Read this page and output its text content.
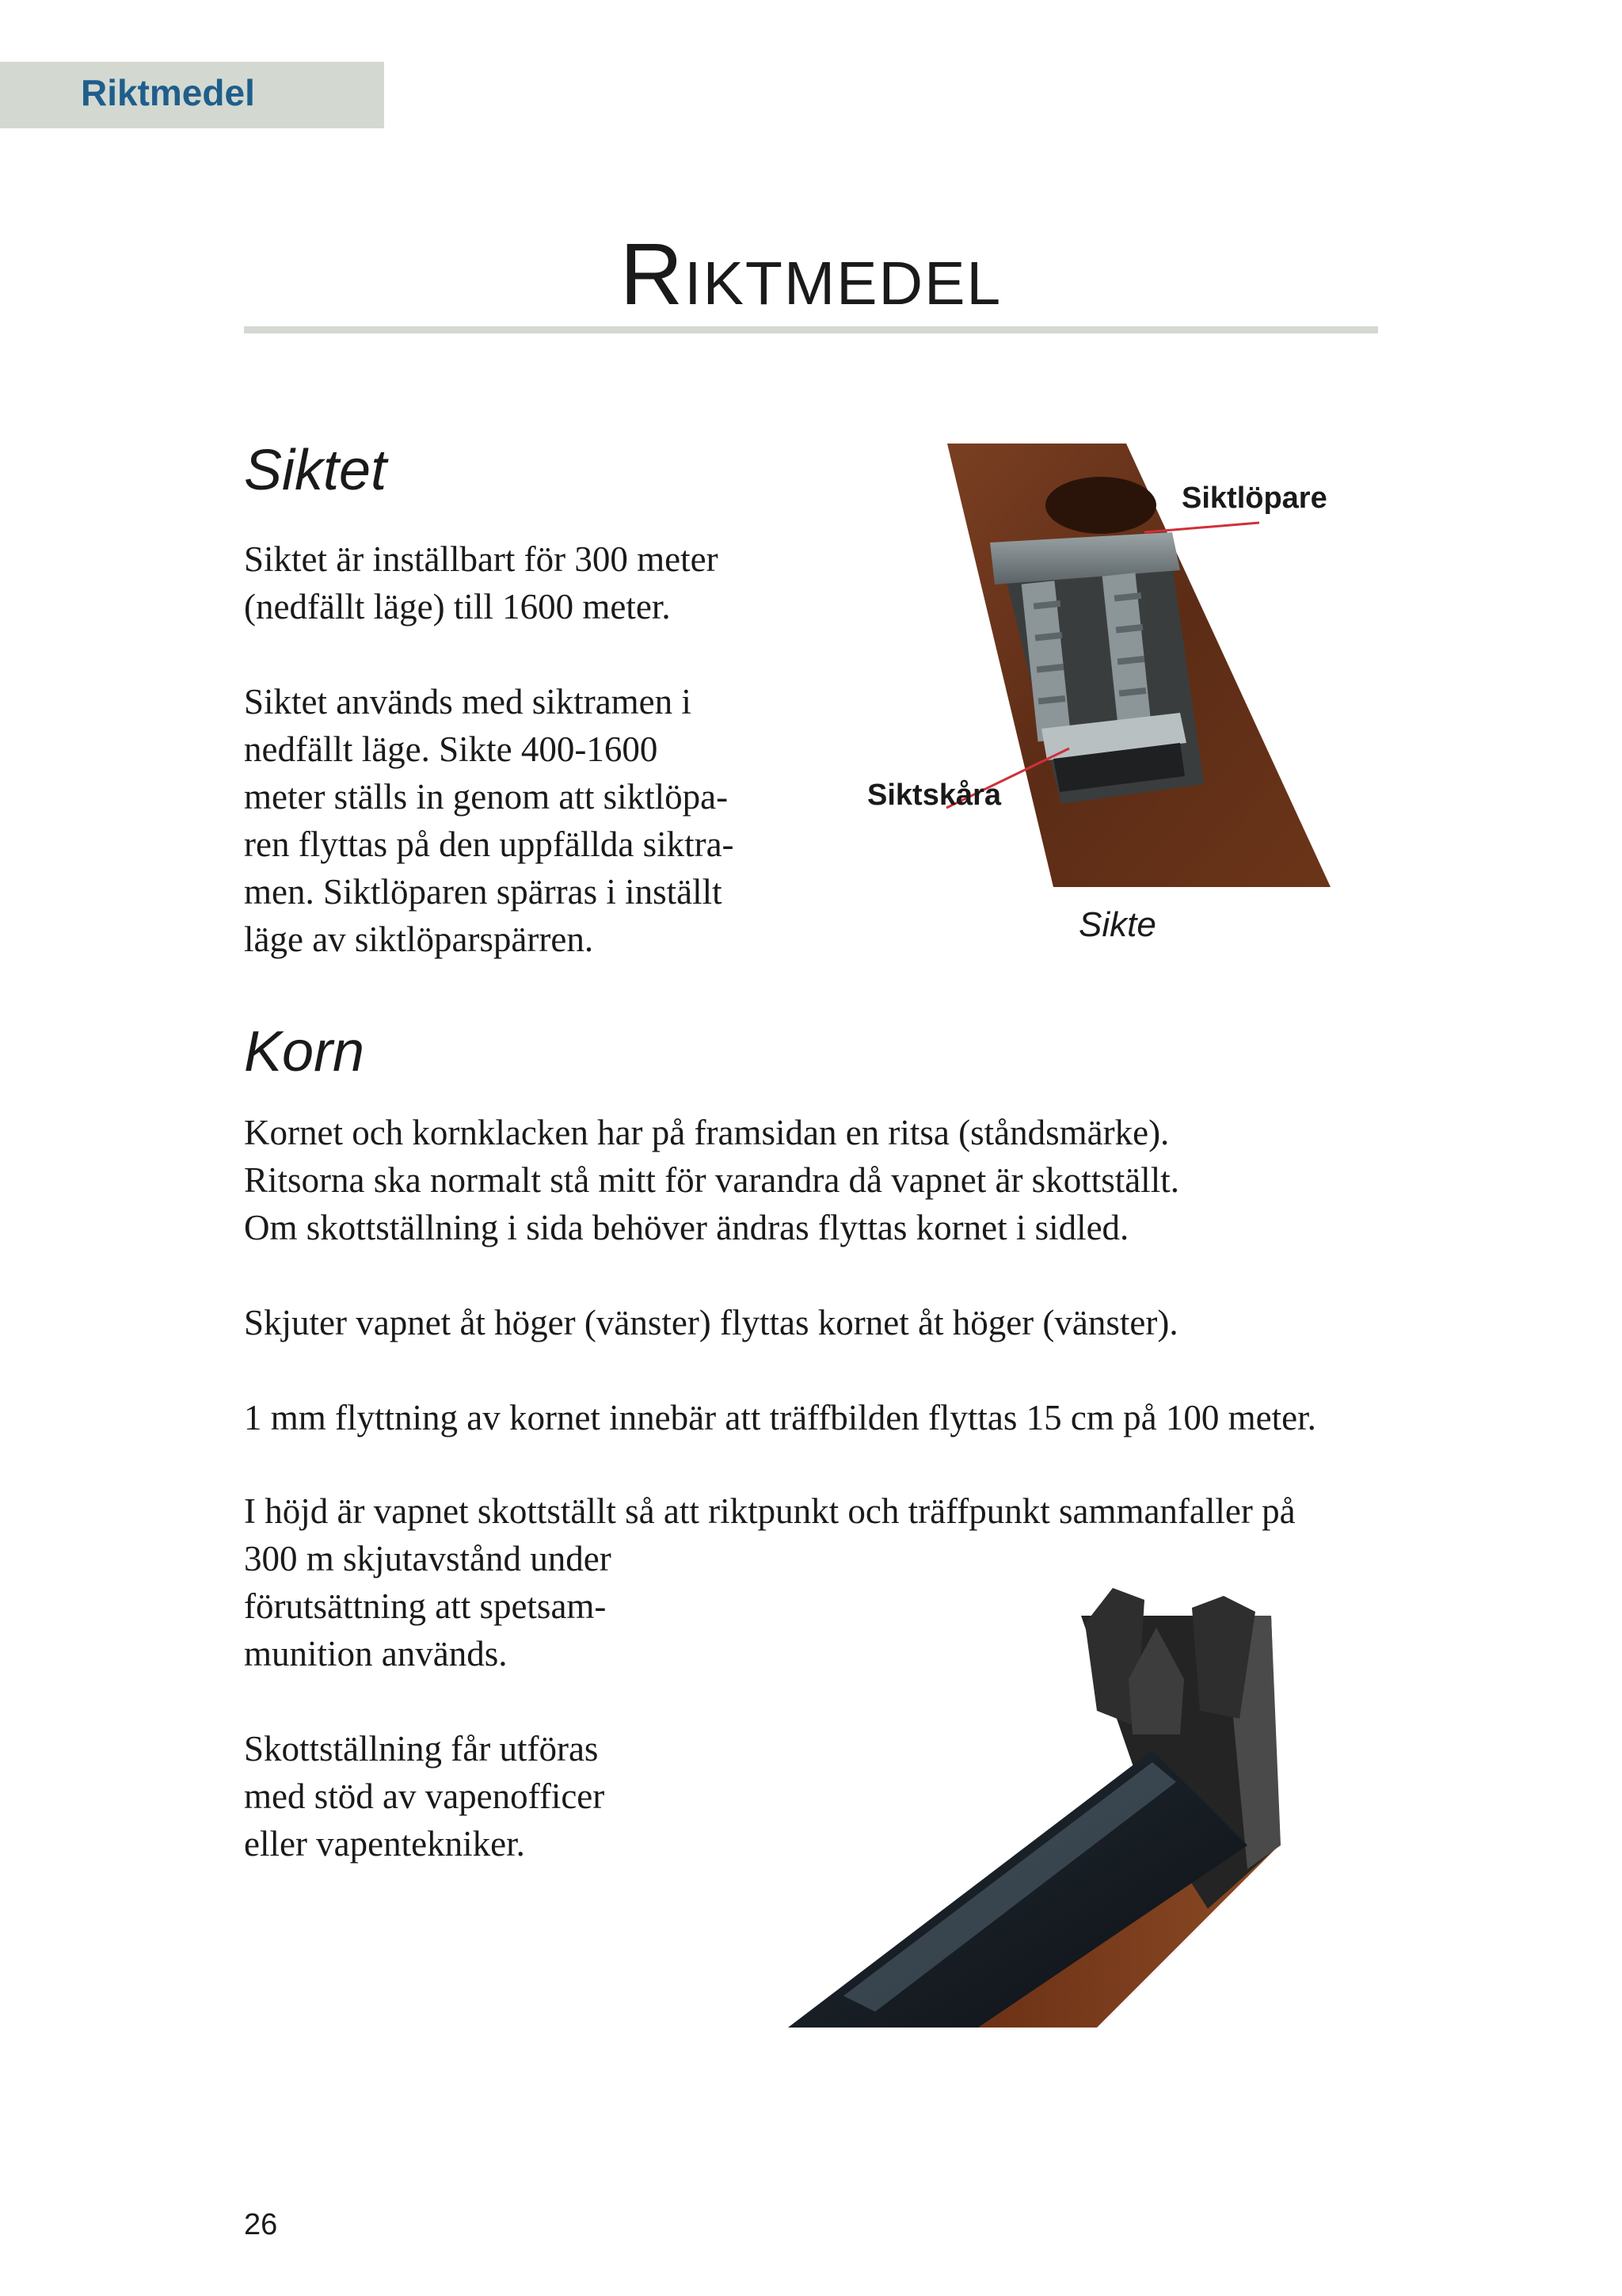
Riktmedel
Riktmedel
Siktet

Siktet är inställbart för 300 meter
(nedfällt läge) till 1600 meter.

Siktet används med siktramen i
nedfällt läge. Sikte 400-1600
meter ställs in genom att siktlöpa-
ren flyttas på den uppfällda siktra-
men. Siktlöparen spärras i inställt
läge av siktlöparspärren.

Siktlöpare
Siktskåra
Sikte
Korn

Kornet och kornklacken har på framsidan en ritsa (ståndsmärke).
Ritsorna ska normalt stå mitt för varandra då vapnet är skottställt.
Om skottställning i sida behöver ändras flyttas kornet i sidled.

Skjuter vapnet åt höger (vänster) flyttas kornet åt höger (vänster).

1 mm flyttning av kornet innebär att träffbilden flyttas 15 cm på 100 meter.

I höjd är vapnet skottställt så att riktpunkt och träffpunkt sammanfaller på
300 m skjutavstånd under
förutsättning att spetsam-
munition används.

Skottställning får utföras
med stöd av vapenofficer
eller vapentekniker.

26
